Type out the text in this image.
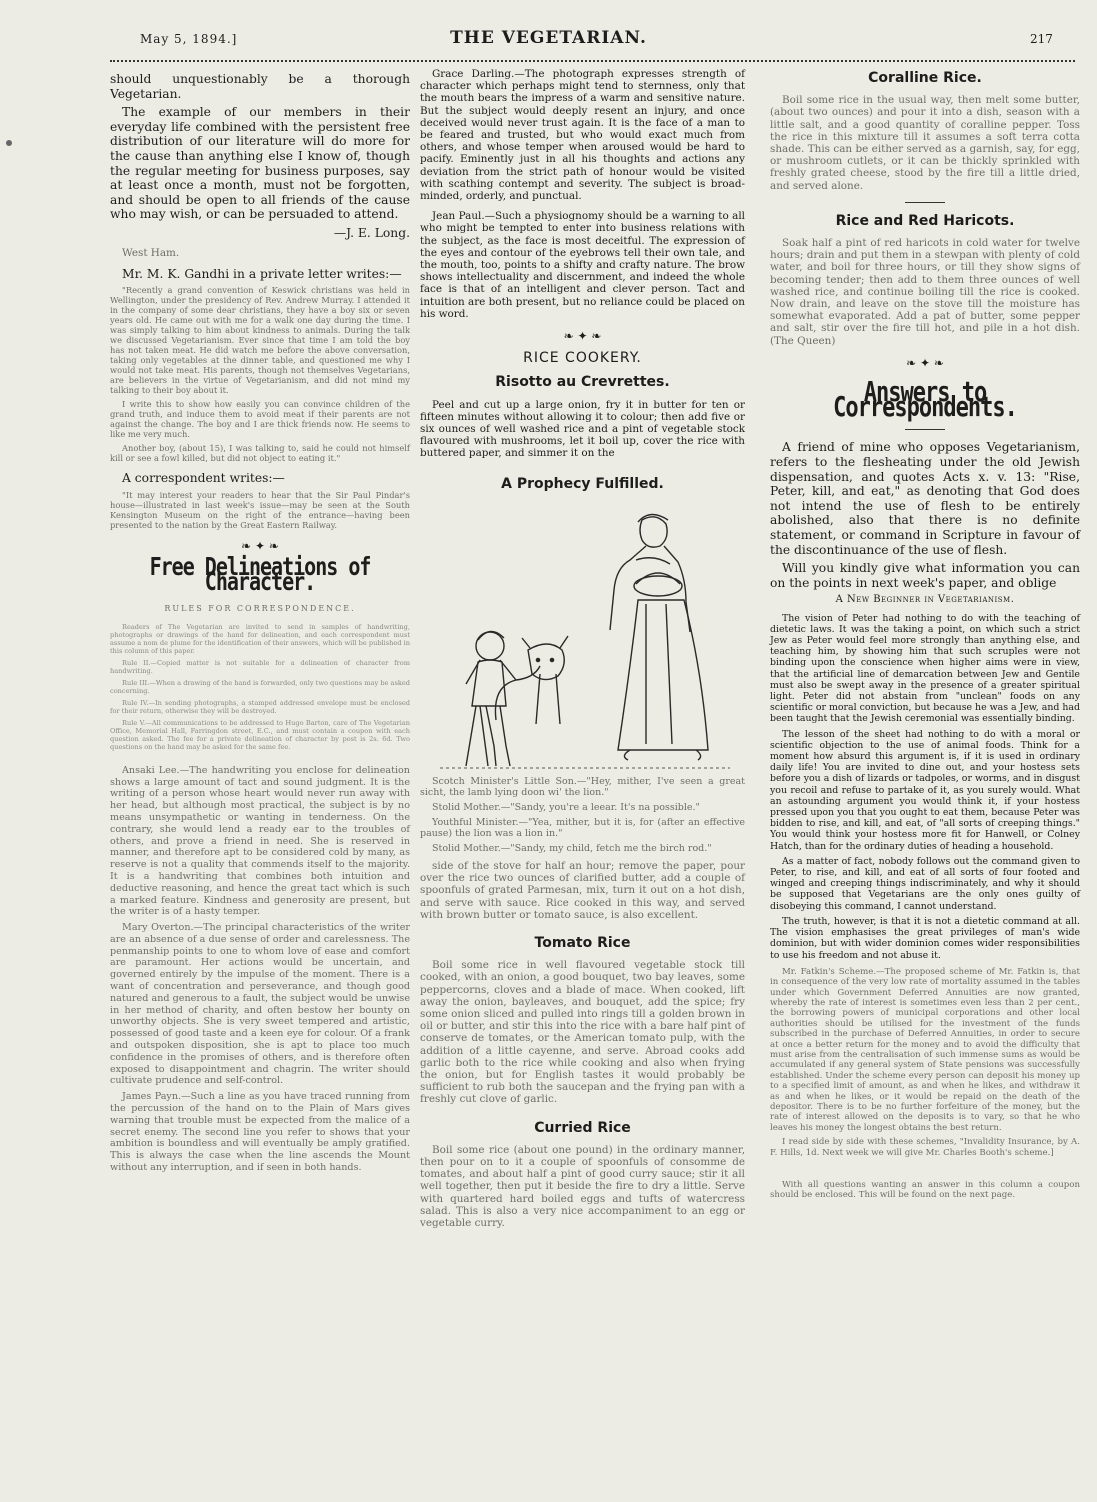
May 5, 1894.]	THE VEGETARIAN.	217

should unquestionably be a thorough Vegetarian.

The example of our members in their everyday life combined with the persistent free distribution of our literature will do more for the cause than anything else I know of, though the regular meeting for business purposes, say at least once a month, must not be forgotten, and should be open to all friends of the cause who may wish, or can be persuaded to attend.

—J. E. Long.

West Ham.

Mr. M. K. Gandhi in a private letter writes:—

"Recently a grand convention of Keswick christians was held in Wellington, under the presidency of Rev. Andrew Murray. I attended it in the company of some dear christians, they have a boy six or seven years old. He came out with me for a walk one day during the time. I was simply talking to him about kindness to animals. During the talk we discussed Vegetarianism. Ever since that time I am told the boy has not taken meat. He did watch me before the above conversation, taking only vegetables at the dinner table, and questioned me why I would not take meat. His parents, though not themselves Vegetarians, are believers in the virtue of Vegetarianism, and did not mind my talking to their boy about it.

I write this to show how easily you can convince children of the grand truth, and induce them to avoid meat if their parents are not against the change. The boy and I are thick friends now. He seems to like me very much.

Another boy, (about 15), I was talking to, said he could not himself kill or see a fowl killed, but did not object to eating it."

A correspondent writes:—

"It may interest your readers to hear that the Sir Paul Pindar's house—illustrated in last week's issue—may be seen at the South Kensington Museum on the right of the entrance—having been presented to the nation by the Great Eastern Railway.

❧ ✦ ❧
Free Delineations of Character.
RULES FOR CORRESPONDENCE.

Readers of The Vegetarian are invited to send in samples of handwriting, photographs or drawings of the hand for delineation, and each correspondent must assume a nom de plume for the identification of their answers, which will be published in this column of this paper.

Rule II.—Copied matter is not suitable for a delineation of character from handwriting.

Rule III.—When a drawing of the hand is forwarded, only two questions may be asked concerning.

Rule IV.—In sending photographs, a stamped addressed envelope must be enclosed for their return, otherwise they will be destroyed.

Rule V.—All communications to be addressed to Hugo Barton, care of The Vegetarian Office, Memorial Hall, Farringdon street, E.C., and must contain a coupon with each question asked. The fee for a private delineation of character by post is 2s. 6d. Two questions on the hand may be asked for the same fee.

Ansaki Lee.—The handwriting you enclose for delineation shows a large amount of tact and sound judgment. It is the writing of a person whose heart would never run away with her head, but although most practical, the subject is by no means unsympathetic or wanting in tenderness. On the contrary, she would lend a ready ear to the troubles of others, and prove a friend in need. She is reserved in manner, and therefore apt to be considered cold by many, as reserve is not a quality that commends itself to the majority. It is a handwriting that combines both intuition and deductive reasoning, and hence the great tact which is such a marked feature. Kindness and generosity are present, but the writer is of a hasty temper.

Mary Overton.—The principal characteristics of the writer are an absence of a due sense of order and carelessness. The penmanship points to one to whom love of ease and comfort are paramount. Her actions would be uncertain, and governed entirely by the impulse of the moment. There is a want of concentration and perseverance, and though good natured and generous to a fault, the subject would be unwise in her method of charity, and often bestow her bounty on unworthy objects. She is very sweet tempered and artistic, possessed of good taste and a keen eye for colour. Of a frank and outspoken disposition, she is apt to place too much confidence in the promises of others, and is therefore often exposed to disappointment and chagrin. The writer should cultivate prudence and self-control.

James Payn.—Such a line as you have traced running from the percussion of the hand on to the Plain of Mars gives warning that trouble must be expected from the malice of a secret enemy. The second line you refer to shows that your ambition is boundless and will eventually be amply gratified. This is always the case when the line ascends the Mount without any interruption, and if seen in both hands.

Grace Darling.—The photograph expresses strength of character which perhaps might tend to sternness, only that the mouth bears the impress of a warm and sensitive nature. But the subject would deeply resent an injury, and once deceived would never trust again. It is the face of a man to be feared and trusted, but who would exact much from others, and whose temper when aroused would be hard to pacify. Eminently just in all his thoughts and actions any deviation from the strict path of honour would be visited with scathing contempt and severity. The subject is broad-minded, orderly, and punctual.

Jean Paul.—Such a physiognomy should be a warning to all who might be tempted to enter into business relations with the subject, as the face is most deceitful. The expression of the eyes and contour of the eyebrows tell their own tale, and the mouth, too, points to a shifty and crafty nature. The brow shows intellectuality and discernment, and indeed the whole face is that of an intelligent and clever person. Tact and intuition are both present, but no reliance could be placed on his word.

❧ ✦ ❧
RICE COOKERY.
Risotto au Crevrettes.

Peel and cut up a large onion, fry it in butter for ten or fifteen minutes without allowing it to colour; then add five or six ounces of well washed rice and a pint of vegetable stock flavoured with mushrooms, let it boil up, cover the rice with buttered paper, and simmer it on the

A Prophecy Fulfilled.

Scotch Minister's Little Son.—"Hey, mither, I've seen a great sicht, the lamb lying doon wi' the lion."

Stolid Mother.—"Sandy, you're a leear. It's na possible."

Youthful Minister.—"Yea, mither, but it is, for (after an effective pause) the lion was a lion in."

Stolid Mother.—"Sandy, my child, fetch me the birch rod."

side of the stove for half an hour; remove the paper, pour over the rice two ounces of clarified butter, add a couple of spoonfuls of grated Parmesan, mix, turn it out on a hot dish, and serve with sauce. Rice cooked in this way, and served with brown butter or tomato sauce, is also excellent.

Tomato Rice

Boil some rice in well flavoured vegetable stock till cooked, with an onion, a good bouquet, two bay leaves, some peppercorns, cloves and a blade of mace. When cooked, lift away the onion, bayleaves, and bouquet, add the spice; fry some onion sliced and pulled into rings till a golden brown in oil or butter, and stir this into the rice with a bare half pint of conserve de tomates, or the American tomato pulp, with the addition of a little cayenne, and serve. Abroad cooks add garlic both to the rice while cooking and also when frying the onion, but for English tastes it would probably be sufficient to rub both the saucepan and the frying pan with a freshly cut clove of garlic.

Curried Rice

Boil some rice (about one pound) in the ordinary manner, then pour on to it a couple of spoonfuls of consomme de tomates, and about half a pint of good curry sauce; stir it all well together, then put it beside the fire to dry a little. Serve with quartered hard boiled eggs and tufts of watercress salad. This is also a very nice accompaniment to an egg or vegetable curry.

Coralline Rice.

Boil some rice in the usual way, then melt some butter, (about two ounces) and pour it into a dish, season with a little salt, and a good quantity of coralline pepper. Toss the rice in this mixture till it assumes a soft terra cotta shade. This can be either served as a garnish, say, for egg, or mushroom cutlets, or it can be thickly sprinkled with freshly grated cheese, stood by the fire till a little dried, and served alone.

Rice and Red Haricots.

Soak half a pint of red haricots in cold water for twelve hours; drain and put them in a stewpan with plenty of cold water, and boil for three hours, or till they show signs of becoming tender; then add to them three ounces of well washed rice, and continue boiling till the rice is cooked. Now drain, and leave on the stove till the moisture has somewhat evaporated. Add a pat of butter, some pepper and salt, stir over the fire till hot, and pile in a hot dish. (The Queen)

❧ ✦ ❧
Answers to Correspondents.

A friend of mine who opposes Vegetarianism, refers to the flesheating under the old Jewish dispensation, and quotes Acts x. v. 13: "Rise, Peter, kill, and eat," as denoting that God does not intend the use of flesh to be entirely abolished, also that there is no definite statement, or command in Scripture in favour of the discontinuance of the use of flesh.

Will you kindly give what information you can on the points in next week's paper, and oblige

A New Beginner in Vegetarianism.

The vision of Peter had nothing to do with the teaching of dietetic laws. It was the taking a point, on which such a strict Jew as Peter would feel more strongly than anything else, and teaching him, by showing him that such scruples were not binding upon the conscience when higher aims were in view, that the artificial line of demarcation between Jew and Gentile must also be swept away in the presence of a greater spiritual light. Peter did not abstain from "unclean" foods on any scientific or moral conviction, but because he was a Jew, and had been taught that the Jewish ceremonial was essentially binding.

The lesson of the sheet had nothing to do with a moral or scientific objection to the use of animal foods. Think for a moment how absurd this argument is, if it is used in ordinary daily life! You are invited to dine out, and your hostess sets before you a dish of lizards or tadpoles, or worms, and in disgust you recoil and refuse to partake of it, as you surely would. What an astounding argument you would think it, if your hostess pressed upon you that you ought to eat them, because Peter was bidden to rise, and kill, and eat, of "all sorts of creeping things." You would think your hostess more fit for Hanwell, or Colney Hatch, than for the ordinary duties of heading a household.

As a matter of fact, nobody follows out the command given to Peter, to rise, and kill, and eat of all sorts of four footed and winged and creeping things indiscriminately, and why it should be supposed that Vegetarians are the only ones guilty of disobeying this command, I cannot understand.

The truth, however, is that it is not a dietetic command at all. The vision emphasises the great privileges of man's wide dominion, but with wider dominion comes wider responsibilities to use his freedom and not abuse it.

Mr. Fatkin's Scheme.—The proposed scheme of Mr. Fatkin is, that in consequence of the very low rate of mortality assumed in the tables under which Government Deferred Annuities are now granted, whereby the rate of interest is sometimes even less than 2 per cent., the borrowing powers of municipal corporations and other local authorities should be utilised for the investment of the funds subscribed in the purchase of Deferred Annuities, in order to secure at once a better return for the money and to avoid the difficulty that must arise from the centralisation of such immense sums as would be accumulated if any general system of State pensions was successfully established. Under the scheme every person can deposit his money up to a specified limit of amount, as and when he likes, and withdraw it as and when he likes, or it would be repaid on the death of the depositor. There is to be no further forfeiture of the money, but the rate of interest allowed on the deposits is to vary, so that he who leaves his money the longest obtains the best return.

I read side by side with these schemes, "Invalidity Insurance, by A. F. Hills, 1d. Next week we will give Mr. Charles Booth's scheme.]

With all questions wanting an answer in this column a coupon should be enclosed. This will be found on the next page.
